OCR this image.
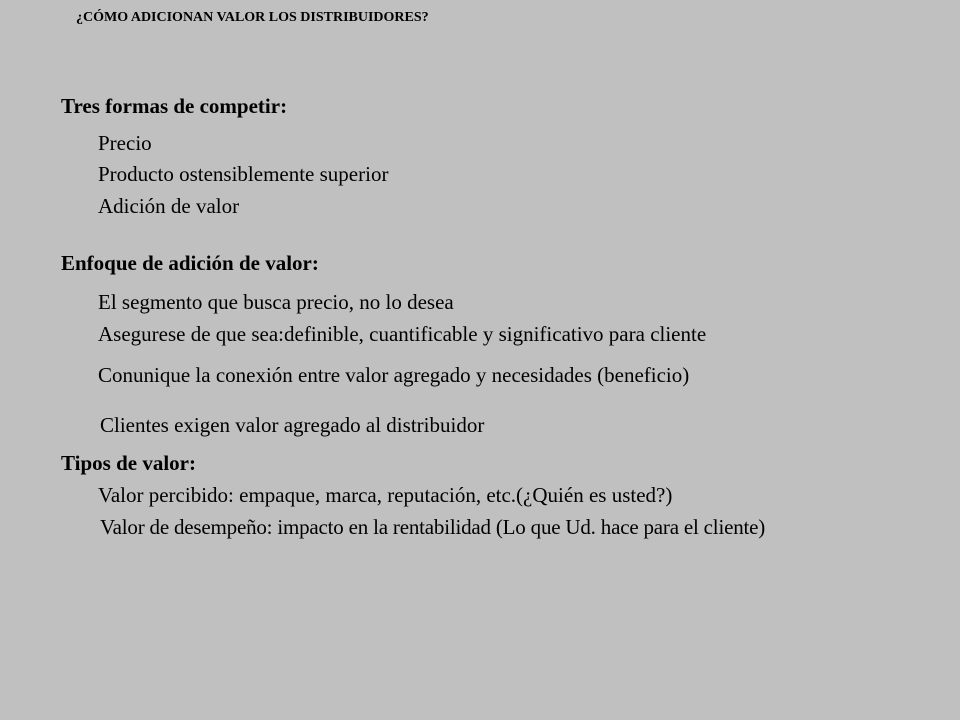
¿CÓMO ADICIONAN VALOR LOS DISTRIBUIDORES?
Tres formas de competir:
Precio
Producto ostensiblemente superior
Adición de valor
Enfoque de adición de valor:
El segmento que busca precio, no lo desea
Asegurese de que sea:definible, cuantificable y significativo para cliente
Conunique la conexión entre valor agregado y necesidades (beneficio)
Clientes exigen valor agregado al distribuidor
Tipos de valor:
Valor percibido: empaque, marca, reputación, etc.(¿Quién es usted?)
Valor de desempeño: impacto en la rentabilidad (Lo que Ud. hace para el cliente)
